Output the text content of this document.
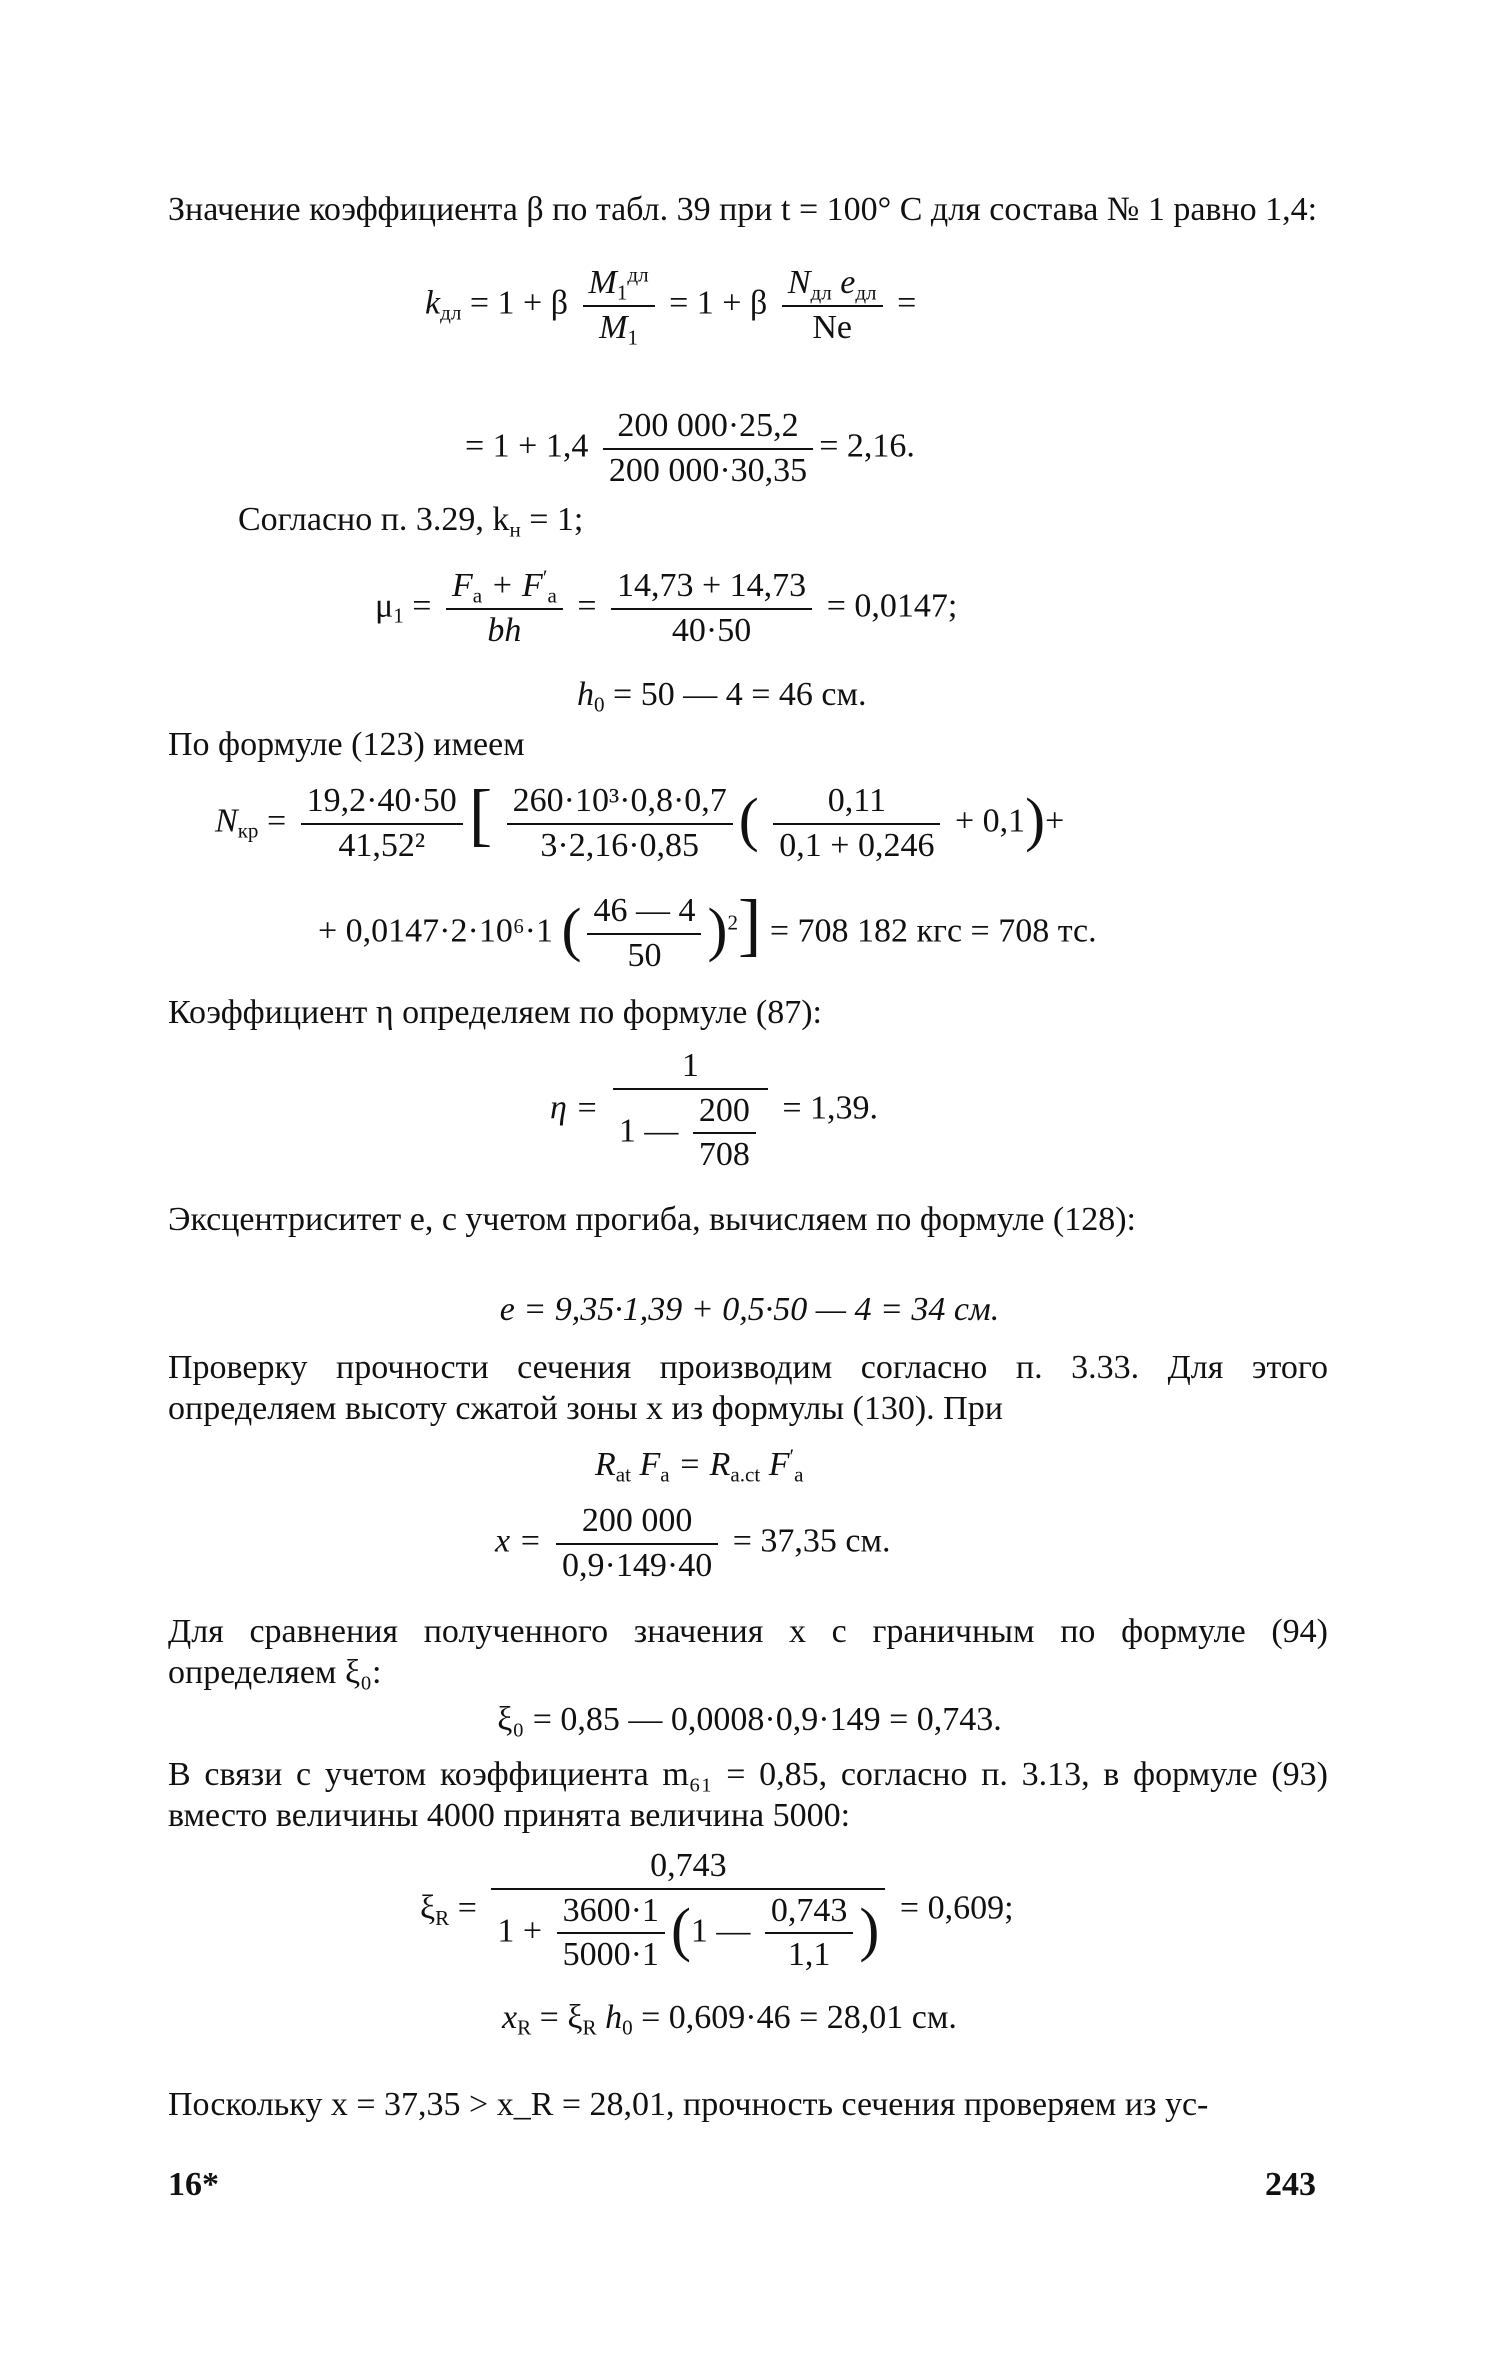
Значение коэффициента β по табл. 39 при t = 100° С для состава № 1 равно 1,4:
$k_{дл} = 1 + \beta \frac{M_1^{дл}}{M_1} = 1 + \beta \frac{N_{дл} e_{дл}}{Ne}$ =
= $1 + 1,4 \frac{200 000\cdot 25,2}{200 000\cdot 30,35} = 2,16$.
Согласно п. 3.29, $k_н = 1$;
$\mu_1 = \frac{F_a + F'_a}{bh} = \frac{14,73 + 14,73}{40\cdot 50} = 0,0147$;
$h_0 = 50$ — 4 = 46 см.
По формуле (123) имеем
$N_{кр} = \frac{19,2\cdot 40\cdot 50}{\text{41,52²}}$ [ $\frac{\text{260·10³·0,8·0,7}}{3\cdot 2,16\cdot 0,85}$ ( $\frac{0,11}{0,1 + 0,246} + 0,1)+$
+ 0,0147·2·10⁶·1 ( $\frac{46 — 4}{50} )^2] = 708$ 182 кгс = 708 тс.
Коэффициент η определяем по формуле (87):
$\eta = \frac{1}{1 — \frac{200}{708}} = 1,39$.
Эксцентриситет e, с учетом прогиба, вычисляем по формуле (128):
e = 9,35·1,39 + 0,5·50 — 4 = 34 см.
Проверку прочности сечения производим согласно п. 3.33. Для этого определяем высоту сжатой зоны x из формулы (130). При
$R_{at}$ $F_a = R_{a.ct}$ $F'_a$
$x = \frac{200 000}{0,9\cdot 149\cdot 40} = 37,35$ см.
Для сравнения полученного значения x с граничным по формуле (94) определяем ξ₀:
ξ₀ = 0,85 — 0,0008·0,9·149 = 0,743.
В связи с учетом коэффициента m₆₁ = 0,85, согласно п. 3.13, в формуле (93) вместо величины 4000 принята величина 5000:
$\xi_R$ =
0,743
$1 + \frac{3600\cdot 1}{5000\cdot 1} (1$ — $\frac{0,743}{1,1}$ ) = 0,609;
$x_R = \xi_R$ $h_0 = 0,609\cdot 46 = 28,01$ см.
Поскольку x = 37,35 > x_R = 28,01, прочность сечения проверяем из ус-
16*	243
